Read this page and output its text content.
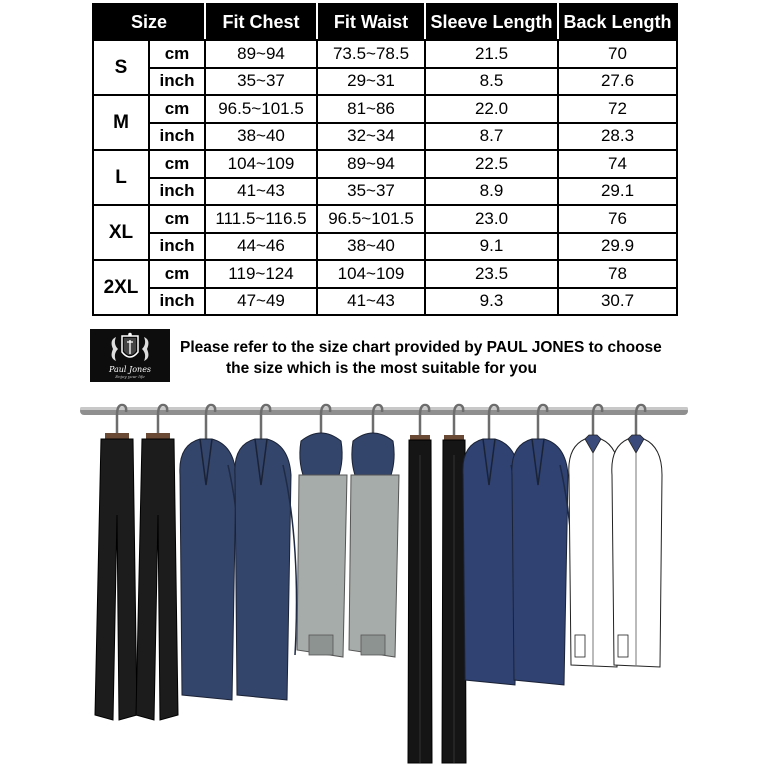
Size		Fit Chest	Fit Waist	Sleeve Length	Back Length
S	cm	89~94	73.5~78.5	21.5	70
	inch	35~37	29~31	8.5	27.6
M	cm	96.5~101.5	81~86	22.0	72
	inch	38~40	32~34	8.7	28.3
L	cm	104~109	89~94	22.5	74
	inch	41~43	35~37	8.9	29.1
XL	cm	111.5~116.5	96.5~101.5	23.0	76
	inch	44~46	38~40	9.1	29.9
2XL	cm	119~124	104~109	23.5	78
	inch	47~49	41~43	9.3	30.7
Paul Jones
Enjoy your life
Please refer to the size chart provided by PAUL JONES to choose
the size which is the most suitable for you
